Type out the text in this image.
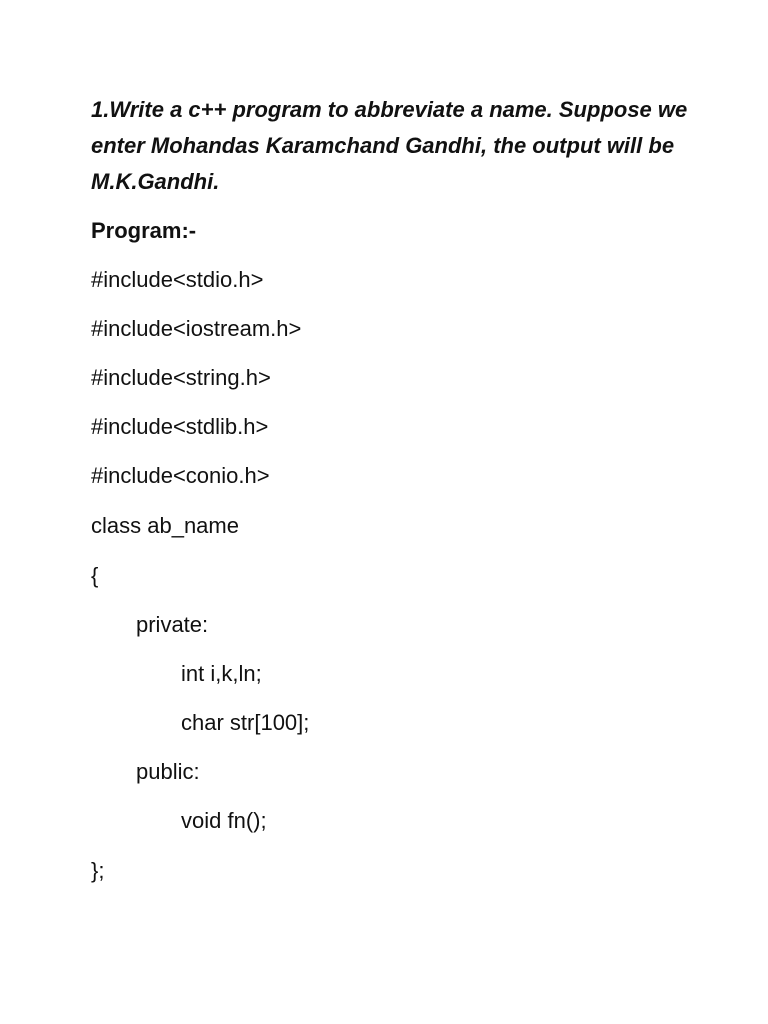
1.Write a c++ program to abbreviate a name. Suppose we enter Mohandas Karamchand Gandhi, the output will be M.K.Gandhi.

Program:-

#include<stdio.h>

#include<iostream.h>

#include<string.h>

#include<stdlib.h>

#include<conio.h>

class ab_name

{

private:

int i,k,ln;

char str[100];

public:

void fn();

};
